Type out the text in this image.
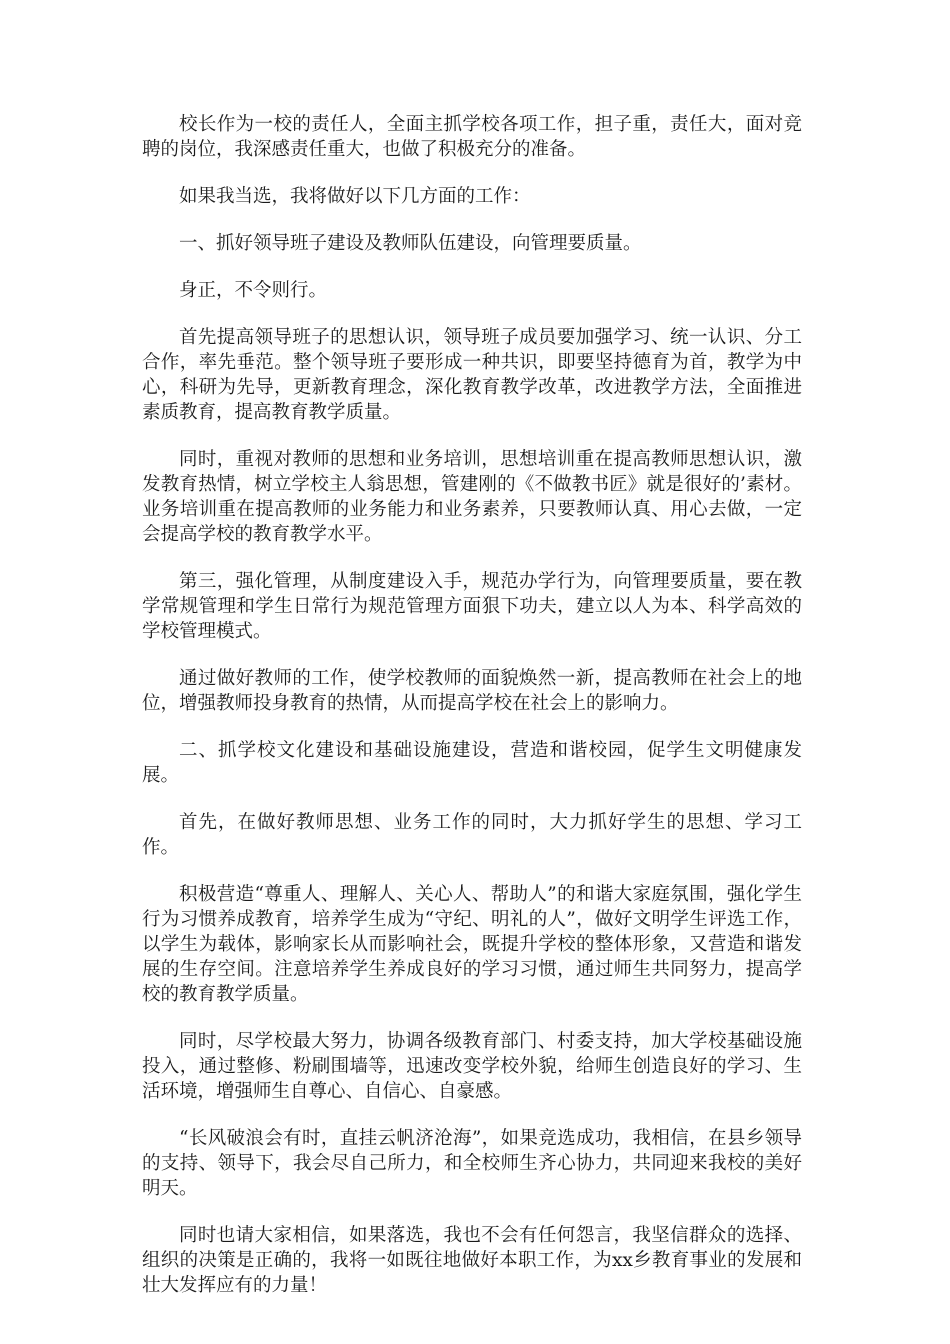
校长作为一校的责任人，全面主抓学校各项工作，担子重，责任大，面对竞聘的岗位，我深感责任重大，也做了积极充分的准备。

如果我当选，我将做好以下几方面的工作：

一、抓好领导班子建设及教师队伍建设，向管理要质量。

身正，不令则行。

首先提高领导班子的思想认识，领导班子成员要加强学习、统一认识、分工合作，率先垂范。整个领导班子要形成一种共识，即要坚持德育为首，教学为中心，科研为先导，更新教育理念，深化教育教学改革，改进教学方法，全面推进素质教育，提高教育教学质量。

同时，重视对教师的思想和业务培训，思想培训重在提高教师思想认识，激发教育热情，树立学校主人翁思想，管建刚的《不做教书匠》就是很好的’素材。业务培训重在提高教师的业务能力和业务素养，只要教师认真、用心去做，一定会提高学校的教育教学水平。

第三，强化管理，从制度建设入手，规范办学行为，向管理要质量，要在教学常规管理和学生日常行为规范管理方面狠下功夫，建立以人为本、科学高效的学校管理模式。

通过做好教师的工作，使学校教师的面貌焕然一新，提高教师在社会上的地位，增强教师投身教育的热情，从而提高学校在社会上的影响力。

二、抓学校文化建设和基础设施建设，营造和谐校园，促学生文明健康发展。

首先，在做好教师思想、业务工作的同时，大力抓好学生的思想、学习工作。

积极营造“尊重人、理解人、关心人、帮助人”的和谐大家庭氛围，强化学生行为习惯养成教育，培养学生成为“守纪、明礼的人”，做好文明学生评选工作，以学生为载体，影响家长从而影响社会，既提升学校的整体形象，又营造和谐发展的生存空间。注意培养学生养成良好的学习习惯，通过师生共同努力，提高学校的教育教学质量。

同时，尽学校最大努力，协调各级教育部门、村委支持，加大学校基础设施投入，通过整修、粉刷围墙等，迅速改变学校外貌，给师生创造良好的学习、生活环境，增强师生自尊心、自信心、自豪感。

“长风破浪会有时，直挂云帆济沧海”，如果竞选成功，我相信，在县乡领导的支持、领导下，我会尽自己所力，和全校师生齐心协力，共同迎来我校的美好明天。

同时也请大家相信，如果落选，我也不会有任何怨言，我坚信群众的选择、组织的决策是正确的，我将一如既往地做好本职工作，为xx乡教育事业的发展和壮大发挥应有的力量！
